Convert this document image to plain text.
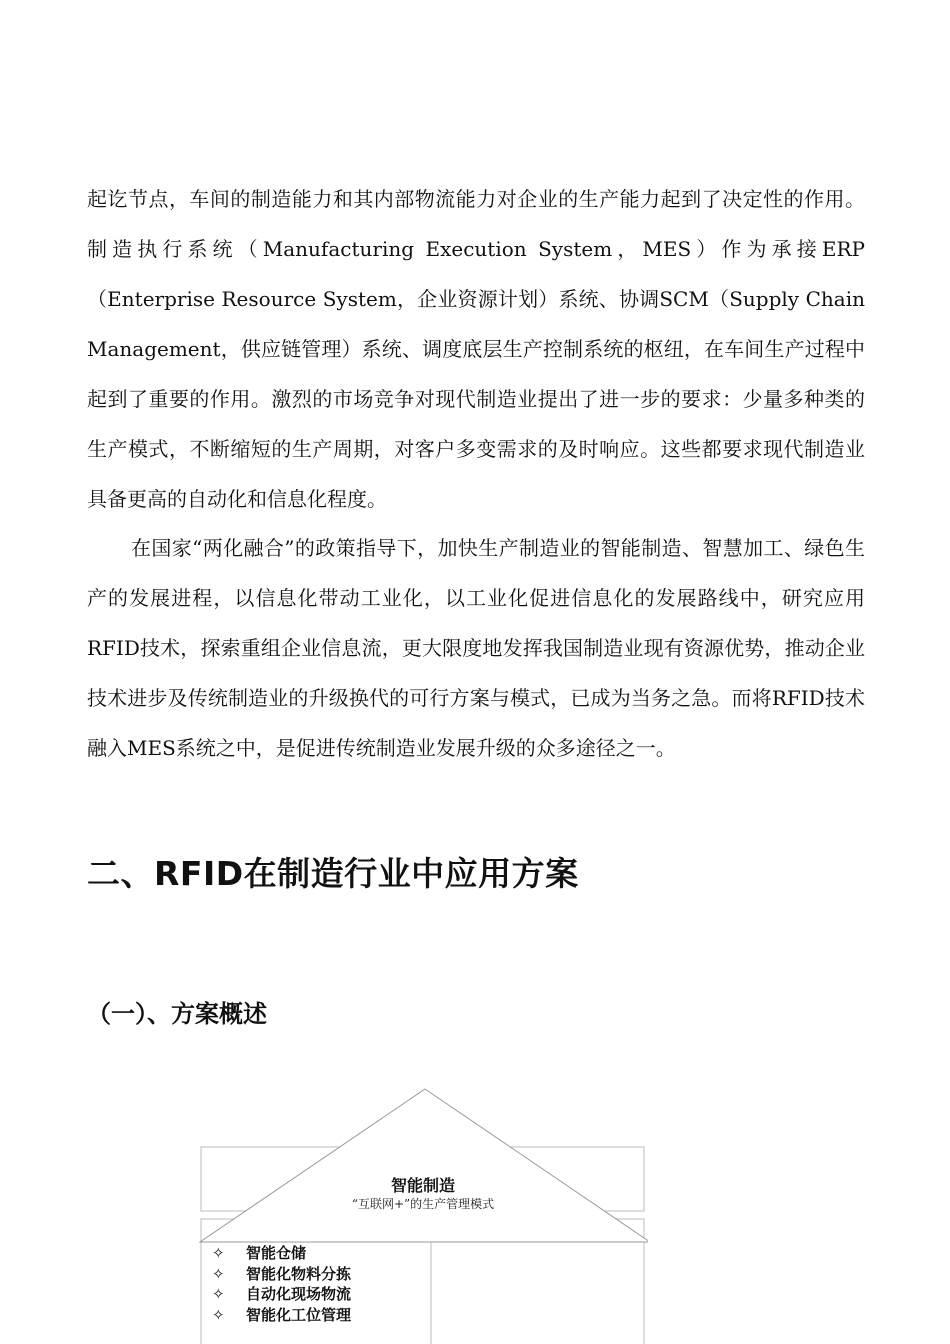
起讫节点，车间的制造能力和其内部物流能力对企业的生产能力起到了决定性的作用。制造执行系统（Manufacturing Execution System，MES）作为承接ERP（Enterprise Resource System，企业资源计划）系统、协调SCM（Supply Chain Management，供应链管理）系统、调度底层生产控制系统的枢纽，在车间生产过程中起到了重要的作用。激烈的市场竞争对现代制造业提出了进一步的要求：少量多种类的生产模式，不断缩短的生产周期，对客户多变需求的及时响应。这些都要求现代制造业具备更高的自动化和信息化程度。

在国家“两化融合”的政策指导下，加快生产制造业的智能制造、智慧加工、绿色生产的发展进程，以信息化带动工业化，以工业化促进信息化的发展路线中，研究应用RFID技术，探索重组企业信息流，更大限度地发挥我国制造业现有资源优势，推动企业技术进步及传统制造业的升级换代的可行方案与模式，已成为当务之急。而将RFID技术融入MES系统之中，是促进传统制造业发展升级的众多途径之一。

二、RFID在制造行业中应用方案
（一）、方案概述
智能制造
“互联网+”的生产管理模式
✧ 智能仓储
✧ 智能化物料分拣
✧ 自动化现场物流
✧ 智能化工位管理
